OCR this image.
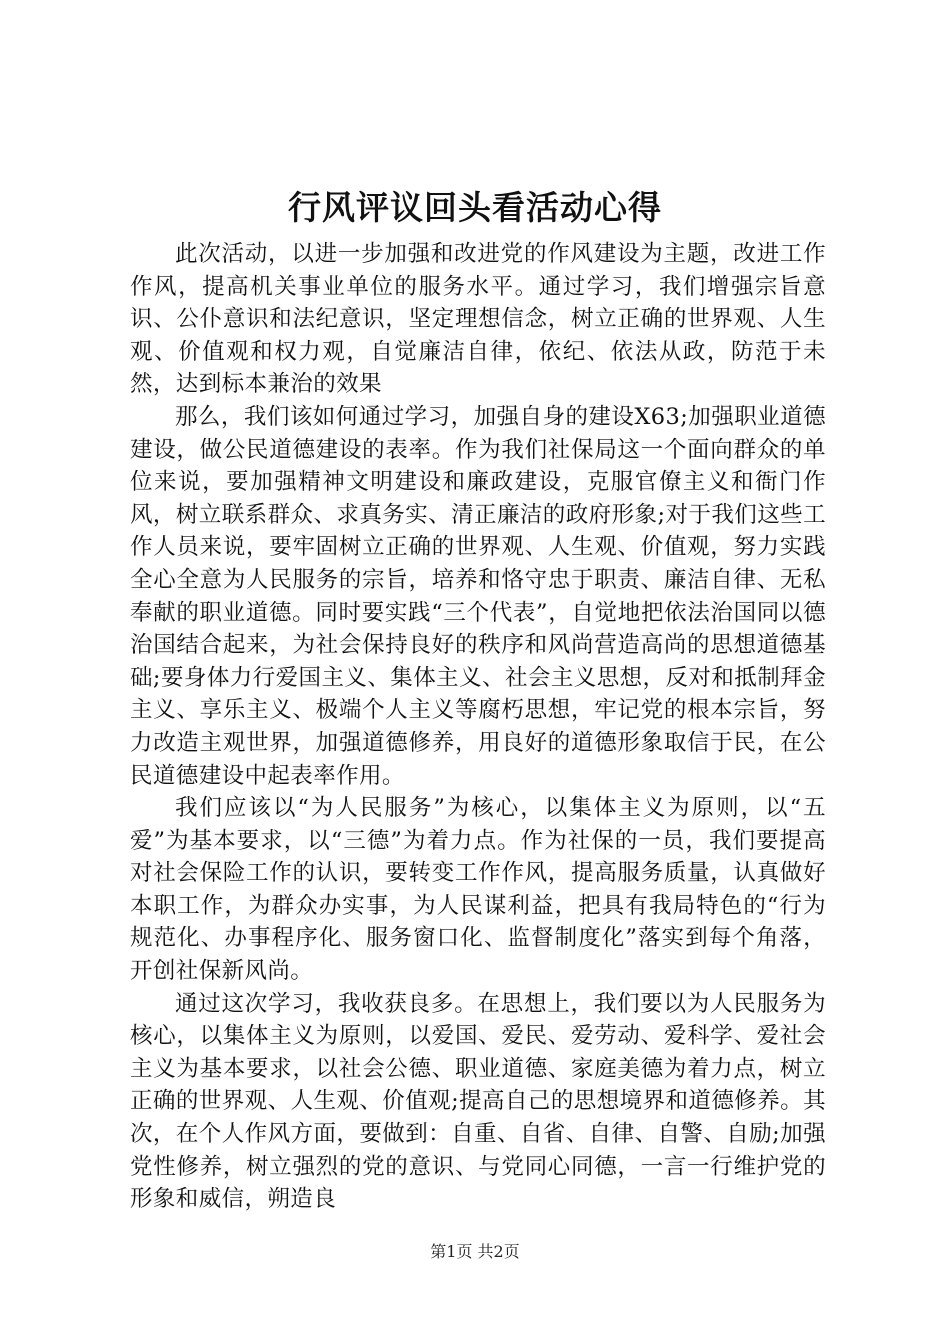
行风评议回头看活动心得

此次活动，以进一步加强和改进党的作风建设为主题，改进工作作风，提高机关事业单位的服务水平。通过学习，我们增强宗旨意识、公仆意识和法纪意识，坚定理想信念，树立正确的世界观、人生观、价值观和权力观，自觉廉洁自律，依纪、依法从政，防范于未然，达到标本兼治的效果

那么，我们该如何通过学习，加强自身的建设X63;加强职业道德建设，做公民道德建设的表率。作为我们社保局这一个面向群众的单位来说，要加强精神文明建设和廉政建设，克服官僚主义和衙门作风，树立联系群众、求真务实、清正廉洁的政府形象;对于我们这些工作人员来说，要牢固树立正确的世界观、人生观、价值观，努力实践全心全意为人民服务的宗旨，培养和恪守忠于职责、廉洁自律、无私奉献的职业道德。同时要实践“三个代表”，自觉地把依法治国同以德治国结合起来，为社会保持良好的秩序和风尚营造高尚的思想道德基础;要身体力行爱国主义、集体主义、社会主义思想，反对和抵制拜金主义、享乐主义、极端个人主义等腐朽思想，牢记党的根本宗旨，努力改造主观世界，加强道德修养，用良好的道德形象取信于民，在公民道德建设中起表率作用。

我们应该以“为人民服务”为核心，以集体主义为原则，以“五爱”为基本要求，以“三德”为着力点。作为社保的一员，我们要提高对社会保险工作的认识，要转变工作作风，提高服务质量，认真做好本职工作，为群众办实事，为人民谋利益，把具有我局特色的“行为规范化、办事程序化、服务窗口化、监督制度化”落实到每个角落，开创社保新风尚。

通过这次学习，我收获良多。在思想上，我们要以为人民服务为核心，以集体主义为原则，以爱国、爱民、爱劳动、爱科学、爱社会主义为基本要求，以社会公德、职业道德、家庭美德为着力点，树立正确的世界观、人生观、价值观;提高自己的思想境界和道德修养。其次，在个人作风方面，要做到：自重、自省、自律、自警、自励;加强党性修养，树立强烈的党的意识、与党同心同德，一言一行维护党的形象和威信，朔造良

第1页 共2页
